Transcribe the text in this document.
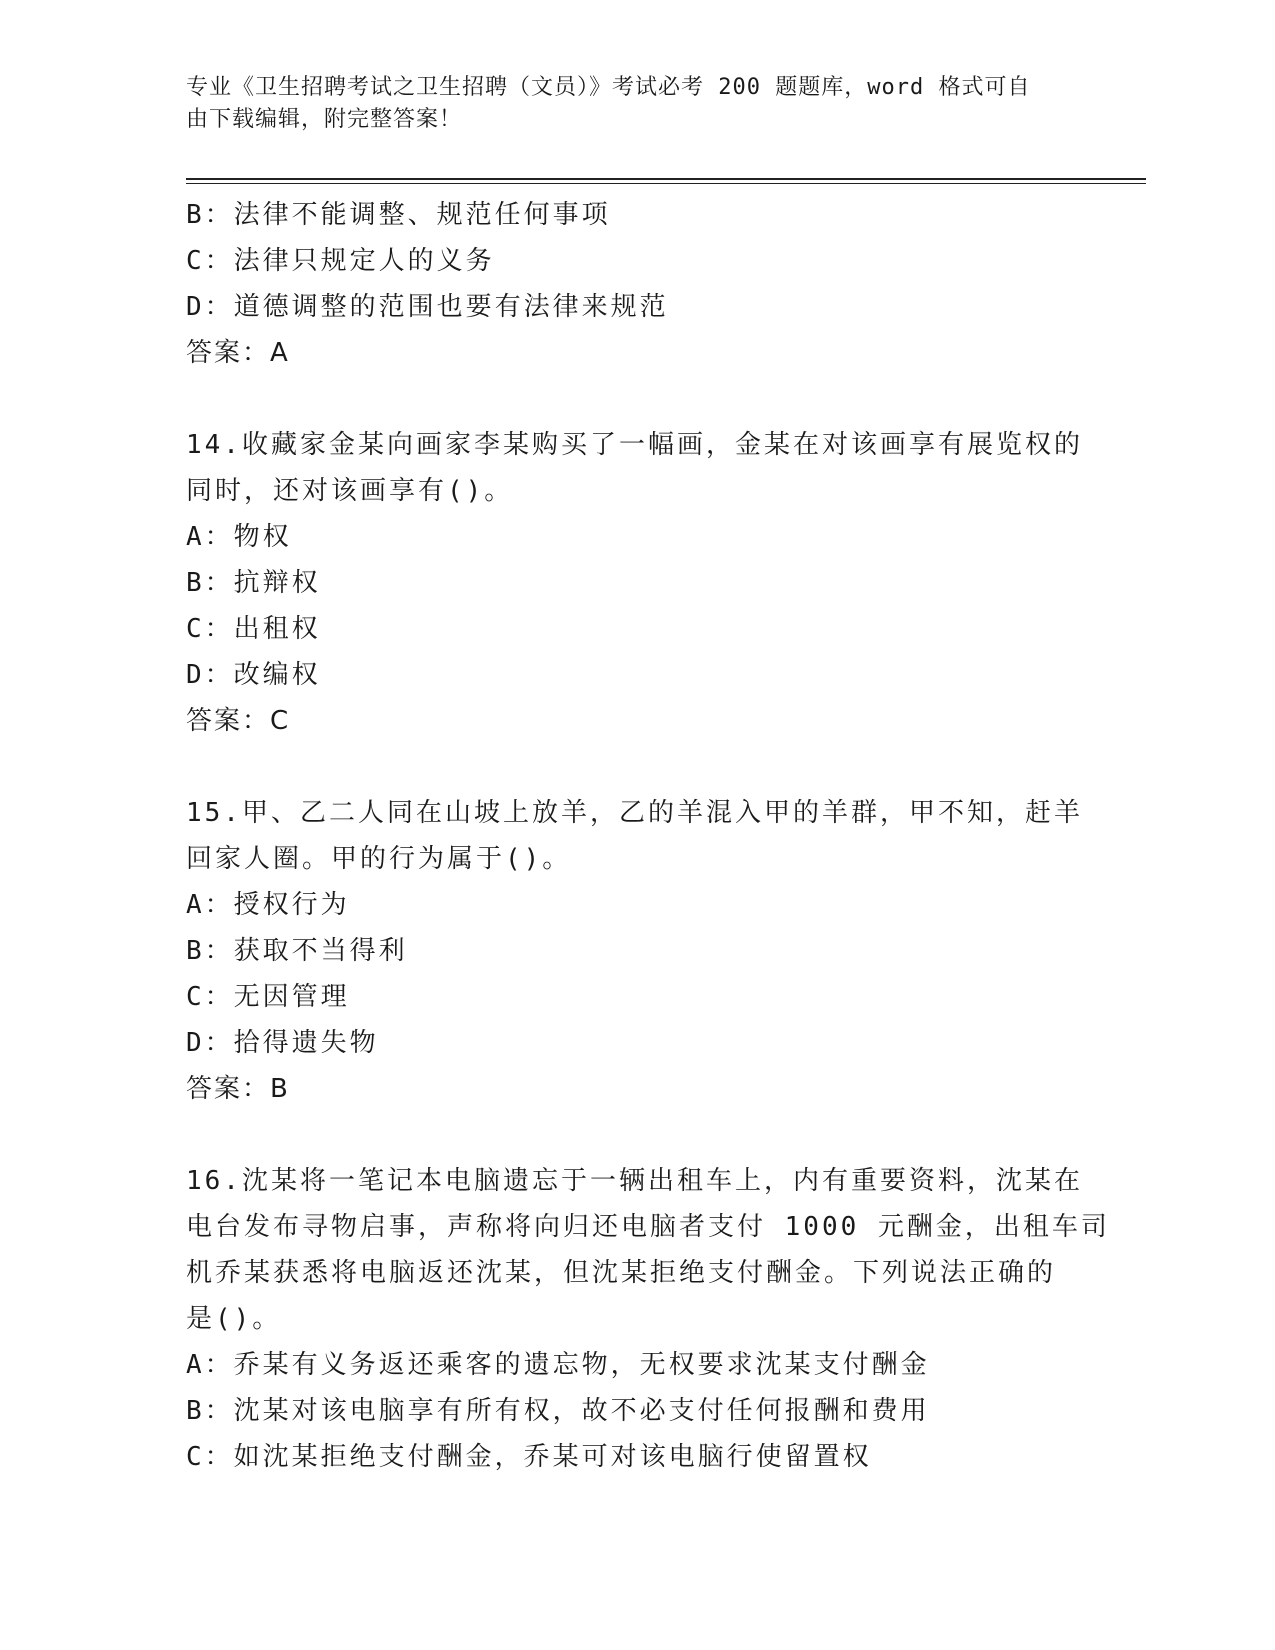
专业《卫生招聘考试之卫生招聘（文员）》考试必考 200 题题库，word 格式可自
由下载编辑，附完整答案！
B：法律不能调整、规范任何事项
C：法律只规定人的义务
D：道德调整的范围也要有法律来规范
答案：A
14.收藏家金某向画家李某购买了一幅画，金某在对该画享有展览权的
同时，还对该画享有()。
A：物权
B：抗辩权
C：出租权
D：改编权
答案：C
15.甲、乙二人同在山坡上放羊，乙的羊混入甲的羊群，甲不知，赶羊
回家人圈。甲的行为属于()。
A：授权行为
B：获取不当得利
C：无因管理
D：拾得遗失物
答案：B
16.沈某将一笔记本电脑遗忘于一辆出租车上，内有重要资料，沈某在
电台发布寻物启事，声称将向归还电脑者支付 1000 元酬金，出租车司
机乔某获悉将电脑返还沈某，但沈某拒绝支付酬金。下列说法正确的
是()。
A：乔某有义务返还乘客的遗忘物，无权要求沈某支付酬金
B：沈某对该电脑享有所有权，故不必支付任何报酬和费用
C：如沈某拒绝支付酬金，乔某可对该电脑行使留置权
